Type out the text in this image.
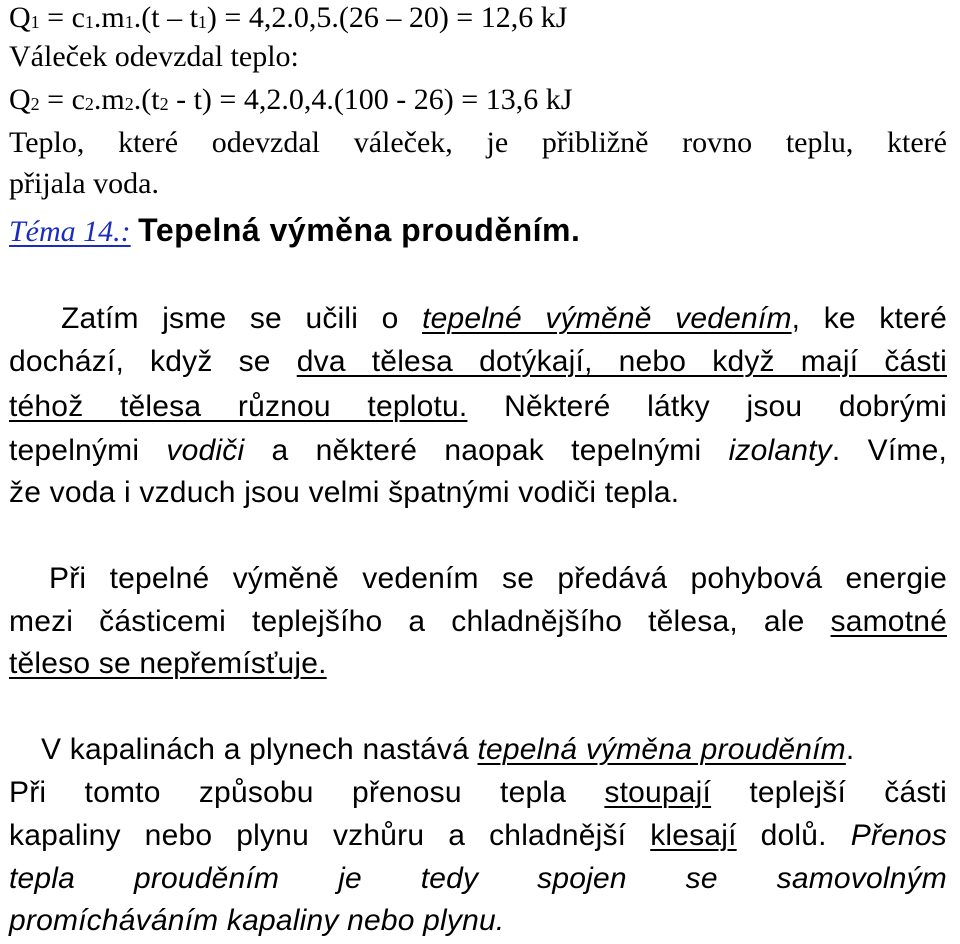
$Q_1 = c_1.m_1.(t - t_1) = 4,2.0,5.(26 - 20) = 12,6$ kJ
Váleček odevzdal teplo:
$Q_2 = c_2.m_2.(t_2 - t) = 4,2.0,4.(100 - 26) = 13,6$ kJ
Teplo, které odevzdal váleček, je přibližně rovno teplu, které
přijala voda.
Téma 14.: Tepelná výměna prouděním.
Zatím jsme se učili o tepelné výměně vedením, ke které
dochází, když se dva tělesa dotýkají, nebo když mají části
téhož tělesa různou teplotu. Některé látky jsou dobrými
tepelnými vodiči a některé naopak tepelnými izolanty. Víme,
že voda i vzduch jsou velmi špatnými vodiči tepla.
Při tepelné výměně vedením se předává pohybová energie
mezi částicemi teplejšího a chladnějšího tělesa, ale samotné
těleso se nepřemísťuje.
V kapalinách a plynech nastává tepelná výměna prouděním.
Při tomto způsobu přenosu tepla stoupají teplejší části
kapaliny nebo plynu vzhůru a chladnější klesají dolů. Přenos
tepla prouděním je tedy spojen se samovolným
promícháváním kapaliny nebo plynu.
